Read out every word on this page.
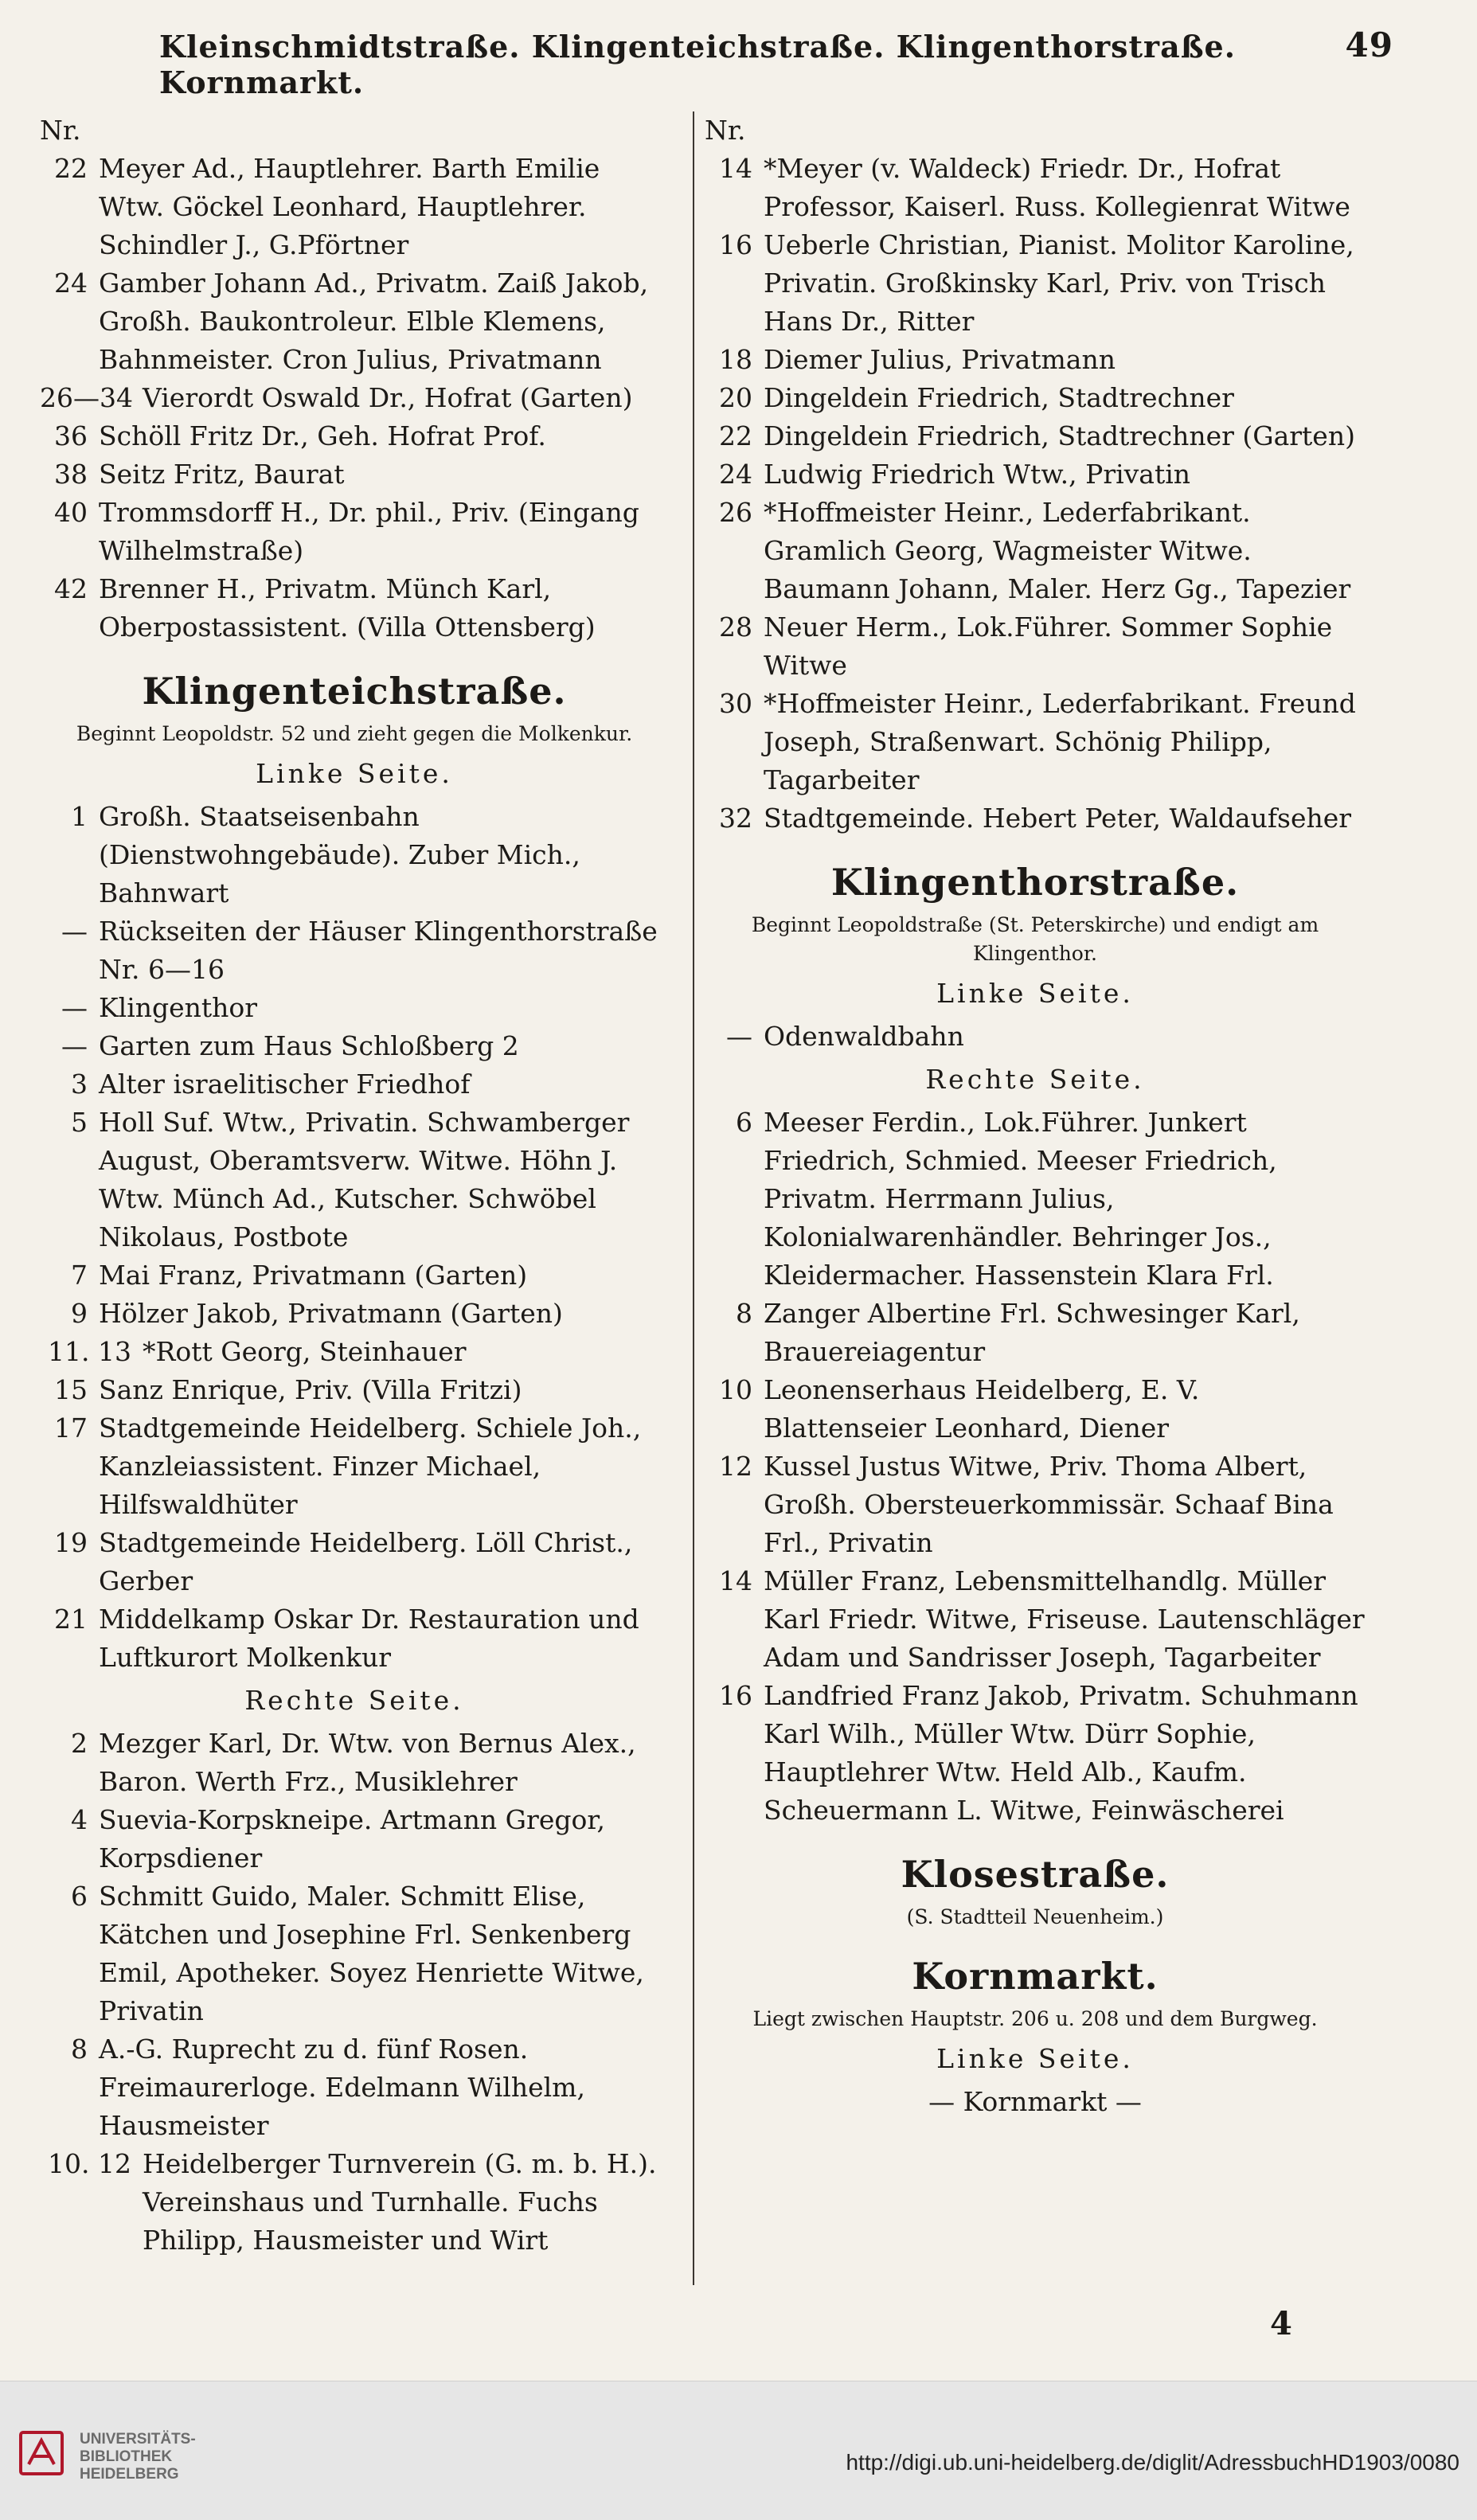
Kleinschmidtstraße. Klingenteichstraße. Klingenthorstraße. Kornmarkt.
49

Nr.

22 Meyer Ad., Hauptlehrer. Barth Emilie Wtw. Göckel Leonhard, Hauptlehrer. Schindler J., G.Pförtner
24 Gamber Johann Ad., Privatm. Zaiß Jakob, Großh. Baukontroleur. Elble Klemens, Bahnmeister. Cron Julius, Privatmann
26—34 Vierordt Oswald Dr., Hofrat (Garten)
36 Schöll Fritz Dr., Geh. Hofrat Prof.
38 Seitz Fritz, Baurat
40 Trommsdorff H., Dr. phil., Priv. (Eingang Wilhelmstraße)
42 Brenner H., Privatm. Münch Karl, Oberpostassistent. (Villa Ottensberg)
Klingenteichstraße.
Beginnt Leopoldstr. 52 und zieht gegen die Molkenkur.
Linke Seite.
1 Großh. Staatseisenbahn (Dienstwohngebäude). Zuber Mich., Bahnwart
— Rückseiten der Häuser Klingenthorstraße Nr. 6—16
— Klingenthor
— Garten zum Haus Schloßberg 2
3 Alter israelitischer Friedhof
5 Holl Suf. Wtw., Privatin. Schwamberger August, Oberamtsverw. Witwe. Höhn J. Wtw. Münch Ad., Kutscher. Schwöbel Nikolaus, Postbote
7 Mai Franz, Privatmann (Garten)
9 Hölzer Jakob, Privatmann (Garten)
11. 13 *Rott Georg, Steinhauer
15 Sanz Enrique, Priv. (Villa Fritzi)
17 Stadtgemeinde Heidelberg. Schiele Joh., Kanzleiassistent. Finzer Michael, Hilfswaldhüter
19 Stadtgemeinde Heidelberg. Löll Christ., Gerber
21 Middelkamp Oskar Dr. Restauration und Luftkurort Molkenkur
Rechte Seite.
2 Mezger Karl, Dr. Wtw. von Bernus Alex., Baron. Werth Frz., Musiklehrer
4 Suevia-Korpskneipe. Artmann Gregor, Korpsdiener
6 Schmitt Guido, Maler. Schmitt Elise, Kätchen und Josephine Frl. Senkenberg Emil, Apotheker. Soyez Henriette Witwe, Privatin
8 A.-G. Ruprecht zu d. fünf Rosen. Freimaurerloge. Edelmann Wilhelm, Hausmeister
10. 12 Heidelberger Turnverein (G. m. b. H.). Vereinshaus und Turnhalle. Fuchs Philipp, Hausmeister und Wirt

Nr.

14 *Meyer (v. Waldeck) Friedr. Dr., Hofrat Professor, Kaiserl. Russ. Kollegienrat Witwe
16 Ueberle Christian, Pianist. Molitor Karoline, Privatin. Großkinsky Karl, Priv. von Trisch Hans Dr., Ritter
18 Diemer Julius, Privatmann
20 Dingeldein Friedrich, Stadtrechner
22 Dingeldein Friedrich, Stadtrechner (Garten)
24 Ludwig Friedrich Wtw., Privatin
26 *Hoffmeister Heinr., Lederfabrikant. Gramlich Georg, Wagmeister Witwe. Baumann Johann, Maler. Herz Gg., Tapezier
28 Neuer Herm., Lok.Führer. Sommer Sophie Witwe
30 *Hoffmeister Heinr., Lederfabrikant. Freund Joseph, Straßenwart. Schönig Philipp, Tagarbeiter
32 Stadtgemeinde. Hebert Peter, Waldaufseher
Klingenthorstraße.
Beginnt Leopoldstraße (St. Peterskirche) und endigt am Klingenthor.
Linke Seite.
— Odenwaldbahn
Rechte Seite.
6 Meeser Ferdin., Lok.Führer. Junkert Friedrich, Schmied. Meeser Friedrich, Privatm. Herrmann Julius, Kolonialwarenhändler. Behringer Jos., Kleidermacher. Hassenstein Klara Frl.
8 Zanger Albertine Frl. Schwesinger Karl, Brauereiagentur
10 Leonenserhaus Heidelberg, E. V. Blattenseier Leonhard, Diener
12 Kussel Justus Witwe, Priv. Thoma Albert, Großh. Obersteuerkommissär. Schaaf Bina Frl., Privatin
14 Müller Franz, Lebensmittelhandlg. Müller Karl Friedr. Witwe, Friseuse. Lautenschläger Adam und Sandrisser Joseph, Tagarbeiter
16 Landfried Franz Jakob, Privatm. Schuhmann Karl Wilh., Müller Wtw. Dürr Sophie, Hauptlehrer Wtw. Held Alb., Kaufm. Scheuermann L. Witwe, Feinwäscherei
Klosestraße.
(S. Stadtteil Neuenheim.)
Kornmarkt.
Liegt zwischen Hauptstr. 206 u. 208 und dem Burgweg.
Linke Seite.
— Kornmarkt —
4
UNIVERSITÄTS-
BIBLIOTHEK
HEIDELBERG	http://digi.ub.uni-heidelberg.de/diglit/AdressbuchHD1903/0080
